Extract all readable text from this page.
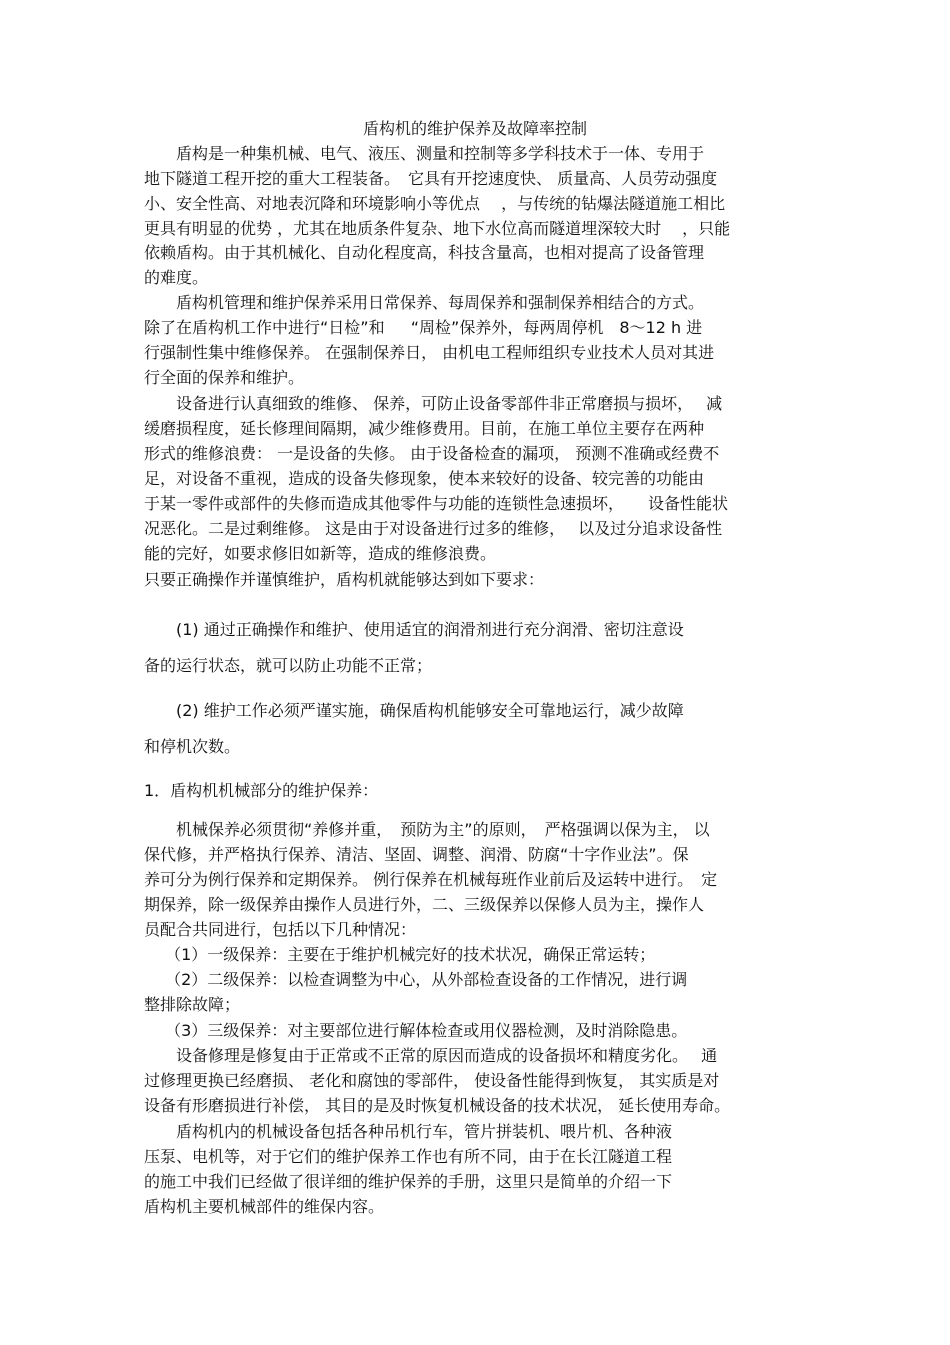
盾构机的维护保养及故障率控制
　　盾构是一种集机械、电气、液压、测量和控制等多学科技术于一体、专用于
地下隧道工程开挖的重大工程装备。　它具有开挖速度快、 质量高、人员劳动强度
小、安全性高、对地表沉降和环境影响小等优点　 ，与传统的钻爆法隧道施工相比
更具有明显的优势 ，尤其在地质条件复杂、地下水位高而隧道埋深较大时　 ，只能
依赖盾构。由于其机械化、自动化程度高，科技含量高，也相对提高了设备管理
的难度。
　　盾构机管理和维护保养采用日常保养、每周保养和强制保养相结合的方式。
除了在盾构机工作中进行“日检”和 　 “周检”保养外，每两周停机　8～12 h 进
行强制性集中维修保养。 在强制保养日， 由机电工程师组织专业技术人员对其进
行全面的保养和维护。
　　设备进行认真细致的维修、 保养，可防止设备零部件非正常磨损与损坏，　 减
缓磨损程度，延长修理间隔期，减少维修费用。目前，在施工单位主要存在两种
形式的维修浪费： 一是设备的失修。 由于设备检查的漏项， 预测不准确或经费不
足，对设备不重视，造成的设备失修现象，使本来较好的设备、较完善的功能由
于某一零件或部件的失修而造成其他零件与功能的连锁性急速损坏，　　设备性能状
况恶化。二是过剩维修。 这是由于对设备进行过多的维修，　 以及过分追求设备性
能的完好，如要求修旧如新等，造成的维修浪费。
只要正确操作并谨慎维护，盾构机就能够达到如下要求：
　　(1) 通过正确操作和维护、使用适宜的润滑剂进行充分润滑、密切注意设
备的运行状态，就可以防止功能不正常；
　　(2) 维护工作必须严谨实施，确保盾构机能够安全可靠地运行，减少故障
和停机次数。
1．盾构机机械部分的维护保养：
　　机械保养必须贯彻“养修并重，　预防为主”的原则，　严格强调以保为主， 以
保代修，并严格执行保养、清洁、坚固、调整、润滑、防腐“十字作业法”。保
养可分为例行保养和定期保养。 例行保养在机械每班作业前后及运转中进行。　定
期保养，除一级保养由操作人员进行外，二、三级保养以保修人员为主，操作人
员配合共同进行，包括以下几种情况：
　 （1）一级保养：主要在于维护机械完好的技术状况，确保正常运转；
　 （2）二级保养：以检查调整为中心，从外部检查设备的工作情况，进行调
整排除故障；
　 （3）三级保养：对主要部位进行解体检查或用仪器检测，及时消除隐患。
　　设备修理是修复由于正常或不正常的原因而造成的设备损坏和精度劣化。　 通
过修理更换已经磨损、 老化和腐蚀的零部件， 使设备性能得到恢复， 其实质是对
设备有形磨损进行补偿， 其目的是及时恢复机械设备的技术状况， 延长使用寿命。
　　盾构机内的机械设备包括各种吊机行车，管片拼装机、喂片机、各种液
压泵、电机等，对于它们的维护保养工作也有所不同，由于在长江隧道工程
的施工中我们已经做了很详细的维护保养的手册，这里只是简单的介绍一下
盾构机主要机械部件的维保内容。
